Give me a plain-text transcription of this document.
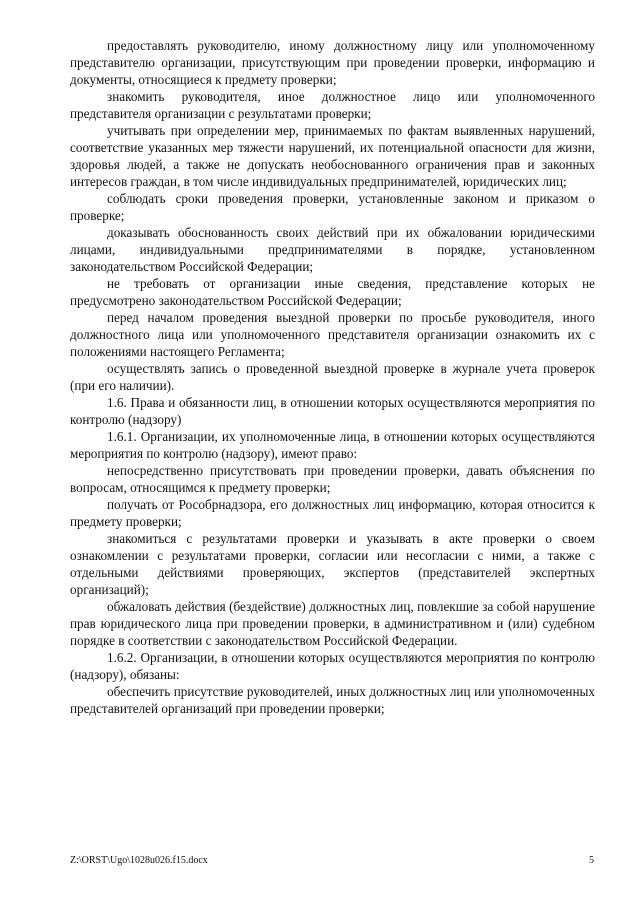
предоставлять руководителю, иному должностному лицу или уполномоченному представителю организации, присутствующим при проведении проверки, информацию и документы, относящиеся к предмету проверки;

знакомить руководителя, иное должностное лицо или уполномоченного представителя организации с результатами проверки;

учитывать при определении мер, принимаемых по фактам выявленных нарушений, соответствие указанных мер тяжести нарушений, их потенциальной опасности для жизни, здоровья людей, а также не допускать необоснованного ограничения прав и законных интересов граждан, в том числе индивидуальных предпринимателей, юридических лиц;

соблюдать сроки проведения проверки, установленные законом и приказом о проверке;

доказывать обоснованность своих действий при их обжаловании юридическими лицами, индивидуальными предпринимателями в порядке, установленном законодательством Российской Федерации;

не требовать от организации иные сведения, представление которых не предусмотрено законодательством Российской Федерации;

перед началом проведения выездной проверки по просьбе руководителя, иного должностного лица или уполномоченного представителя организации ознакомить их с положениями настоящего Регламента;

осуществлять запись о проведенной выездной проверке в журнале учета проверок (при его наличии).

1.6. Права и обязанности лиц, в отношении которых осуществляются мероприятия по контролю (надзору)

1.6.1. Организации, их уполномоченные лица, в отношении которых осуществляются мероприятия по контролю (надзору), имеют право:

непосредственно присутствовать при проведении проверки, давать объяснения по вопросам, относящимся к предмету проверки;

получать от Рособрнадзора, его должностных лиц информацию, которая относится к предмету проверки;

знакомиться с результатами проверки и указывать в акте проверки о своем ознакомлении с результатами проверки, согласии или несогласии с ними, а также с отдельными действиями проверяющих, экспертов (представителей экспертных организаций);

обжаловать действия (бездействие) должностных лиц, повлекшие за собой нарушение прав юридического лица при проведении проверки, в административном и (или) судебном порядке в соответствии с законодательством Российской Федерации.

1.6.2. Организации, в отношении которых осуществляются мероприятия по контролю (надзору), обязаны:

обеспечить присутствие руководителей, иных должностных лиц или уполномоченных представителей организаций при проведении проверки;

Z:\ORST\Ugo\1028u026.f15.docx	5
